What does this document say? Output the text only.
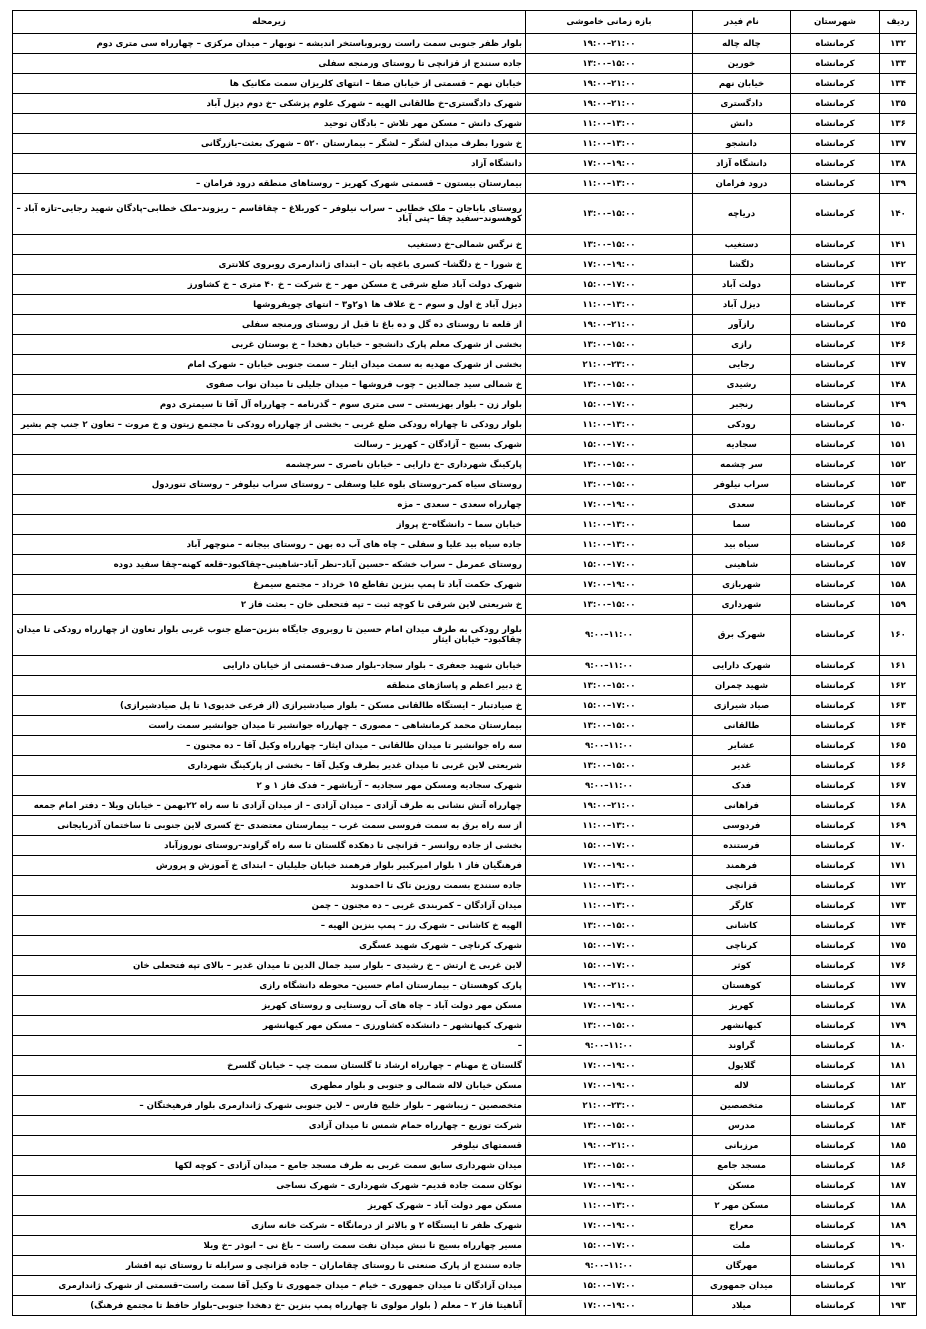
ردیف	شهرستان	نام فیدر	بازه زمانی خاموشی	زیرمحله
۱۳۲	کرمانشاه	چاله چاله	۱۹:۰۰–۲۱:۰۰	بلوار ظفر جنوبی سمت راست روبروباستخر اندیشه – نوبهار – میدان مرکزی – چهارراه سی متری دوم
۱۳۳	کرمانشاه	خورین	۱۳:۰۰–۱۵:۰۰	جاده سنندج از قزانچی تا روستای ورمنجه سفلی
۱۳۴	کرمانشاه	خیابان نهم	۱۹:۰۰–۲۱:۰۰	خیابان نهم – قسمتی از خیابان صفا – انتهای کلریزان سمت مکانیک ها
۱۳۵	کرمانشاه	دادگستری	۱۹:۰۰–۲۱:۰۰	شهرک دادگستری–خ طالقانی الهیه – شهرک علوم پزشکی –خ دوم دیزل آباد
۱۳۶	کرمانشاه	دانش	۱۱:۰۰–۱۳:۰۰	شهرک دانش – مسکن مهر تلاش – بادگان توحید
۱۳۷	کرمانشاه	دانشجو	۱۱:۰۰–۱۳:۰۰	خ شورا بطرف میدان لشگر – لشگر – بیمارستان ۵۲۰ – شهرک بعثت–بازرگانی
۱۳۸	کرمانشاه	دانشگاه آزاد	۱۷:۰۰–۱۹:۰۰	دانشگاه آزاد
۱۳۹	کرمانشاه	درود فرامان	۱۱:۰۰–۱۳:۰۰	بیمارستان بیستون – قسمتی شهرک کهریز – روستاهای منطقه درود فرامان –
۱۴۰	کرمانشاه	دریاچه	۱۳:۰۰–۱۵:۰۰	روستای باباجان – ملک خطابی – سراب نیلوفر – کوربلاغ – چقاقاسم – ریزوند–ملک خطابی–پادگان شهید رجایی–تازه آباد – کوهسوند–سفید چقا –پتی آباد
۱۴۱	کرمانشاه	دستغیب	۱۳:۰۰–۱۵:۰۰	خ نرگس شمالی–خ دستغیب
۱۴۲	کرمانشاه	دلگشا	۱۷:۰۰–۱۹:۰۰	خ شورا – خ دلگشا– کسری باغچه بان – ابتدای ژاندارمری روبروی کلانتری
۱۴۳	کرمانشاه	دولت آباد	۱۵:۰۰–۱۷:۰۰	شهرک دولت آباد ضلع شرقی خ مسکن مهر – خ شرکت – خ ۴۰ متری – خ کشاورز
۱۴۴	کرمانشاه	دیزل آباد	۱۱:۰۰–۱۳:۰۰	دیزل آباد خ اول و سوم – خ علاف ها ۱و۲و۳ – انتهای چویفروشها
۱۴۵	کرمانشاه	رازآور	۱۹:۰۰–۲۱:۰۰	از قلعه تا روستای ده گل و ده باغ تا قبل از روستای ورمنجه سفلی
۱۴۶	کرمانشاه	رازی	۱۳:۰۰–۱۵:۰۰	بخشی از شهرک معلم پارک دانشجو – خیابان دهخدا – خ بوستان غربی
۱۴۷	کرمانشاه	رجایی	۲۱:۰۰–۲۳:۰۰	بخشی از شهرک مهدیه به سمت میدان ایثار – سمت جنوبی خیابان – شهرک امام
۱۴۸	کرمانشاه	رشیدی	۱۳:۰۰–۱۵:۰۰	خ شمالی سید جمالدین – چوب فروشها – میدان جلیلی تا میدان نواب صفوی
۱۴۹	کرمانشاه	رنجبر	۱۵:۰۰–۱۷:۰۰	بلوار زن – بلوار بهزیستی – سی متری سوم – گذرنامه – چهارراه آل آقا تا سیمتری دوم
۱۵۰	کرمانشاه	رودکی	۱۱:۰۰–۱۳:۰۰	بلوار رودکی تا چهاراه رودکی ضلع غربی – بخشی از چهارراه رودکی تا مجتمع زیتون و خ مروت – تعاون ۲ جنب چم بشیر
۱۵۱	کرمانشاه	سجادیه	۱۵:۰۰–۱۷:۰۰	شهرک بسیج – آزادگان – کهریز – رسالت
۱۵۲	کرمانشاه	سر چشمه	۱۳:۰۰–۱۵:۰۰	پارکینگ شهرداری –خ دارایی – خیابان ناصری – سرچشمه
۱۵۳	کرمانشاه	سراب نیلوفر	۱۳:۰۰–۱۵:۰۰	روستای سیاه کمر–روستای بلوه علیا وسفلی – روستای سراب نیلوفر – روستای تنوردول
۱۵۴	کرمانشاه	سعدی	۱۷:۰۰–۱۹:۰۰	چهارراه سعدی – سعدی – مژه
۱۵۵	کرمانشاه	سما	۱۱:۰۰–۱۳:۰۰	خیابان سما – دانشگاه–خ پرواز
۱۵۶	کرمانشاه	سیاه بید	۱۱:۰۰–۱۳:۰۰	جاده سیاه بید علیا و سفلی – چاه های آب ده بهن – روستای بیجانه – منوچهر آباد
۱۵۷	کرمانشاه	شاهینی	۱۵:۰۰–۱۷:۰۰	روستای عمرمل – سراب خشکه –حسین آباد–نظر آباد–شاهینی–چقاکبود–قلعه کهنه–چقا سفید دوده
۱۵۸	کرمانشاه	شهربازی	۱۷:۰۰–۱۹:۰۰	شهرک حکمت آباد تا پمپ بنزین تقاطع ۱۵ خرداد – مجتمع سیمرغ
۱۵۹	کرمانشاه	شهرداری	۱۳:۰۰–۱۵:۰۰	خ شریعتی لاین شرقی تا کوچه ثبت – تپه فتحعلی خان – بعثت فاز ۲
۱۶۰	کرمانشاه	شهرک برق	۹:۰۰–۱۱:۰۰	بلوار رودکی به طرف میدان امام حسین تا روبروی جایگاه بنزین–ضلع جنوب غربی بلوار تعاون از چهارراه رودکی تا میدان چقاکبود– خیابان ایثار
۱۶۱	کرمانشاه	شهرک دارایی	۹:۰۰–۱۱:۰۰	خیابان شهید جعفری – بلوار سجاد–بلوار صدف–قسمتی از خیابان دارایی
۱۶۲	کرمانشاه	شهید چمران	۱۳:۰۰–۱۵:۰۰	خ دبیر اعظم و پاساژهای منطقه
۱۶۳	کرمانشاه	صیاد شیرازی	۱۵:۰۰–۱۷:۰۰	خ صیادتبار – ایستگاه طالقانی مسکن – بلوار صیادشیرازی (از فرعی خدیوی۱ تا پل صیادشیرازی)
۱۶۴	کرمانشاه	طالقانی	۱۳:۰۰–۱۵:۰۰	بیمارستان محمد کرمانشاهی – مصوری – چهارراه جوانشیر تا میدان جوانشیر سمت راست
۱۶۵	کرمانشاه	عشایر	۹:۰۰–۱۱:۰۰	سه راه جوانشیر تا میدان طالقانی – میدان ایثار– چهارراه وکیل آقا – ده مجنون –
۱۶۶	کرمانشاه	غدیر	۱۳:۰۰–۱۵:۰۰	شریعتی لاین غربی تا میدان غدیر بطرف وکیل آقا – بخشی از پارکینگ شهرداری
۱۶۷	کرمانشاه	فدک	۹:۰۰–۱۱:۰۰	شهرک سجادیه ومسکن مهر سجادیه – آریاشهر – فدک فاز ۱ و ۲
۱۶۸	کرمانشاه	فراهانی	۱۹:۰۰–۲۱:۰۰	چهارراه آتش نشانی به طرف آزادی – میدان آزادی – از میدان آزادی تا سه راه ۲۲بهمن – خیابان ویلا – دفتر امام جمعه
۱۶۹	کرمانشاه	فردوسی	۱۱:۰۰–۱۳:۰۰	از سه راه برق به سمت فروسی سمت غرب – بیمارستان معتضدی –خ کسری لاین جنوبی تا ساختمان آذربایجانی
۱۷۰	کرمانشاه	فرستنده	۱۵:۰۰–۱۷:۰۰	بخشی از جاده روانسر – قزانچی تا دهکده گلستان تا سه راه گراوند–روستای نوروزآباد
۱۷۱	کرمانشاه	فرهمند	۱۷:۰۰–۱۹:۰۰	فرهنگیان فاز ۱ بلوار امیرکبیر بلوار فرهمند خیابان جلیلیان – ابتدای خ آموزش و پرورش
۱۷۲	کرمانشاه	قزانچی	۱۱:۰۰–۱۳:۰۰	جاده سنندج بسمت روزین تاک تا احمدوند
۱۷۳	کرمانشاه	کارگر	۱۱:۰۰–۱۳:۰۰	میدان آزادگان – کمربندی غربی – ده مجنون – چمن
۱۷۴	کرمانشاه	کاشانی	۱۳:۰۰–۱۵:۰۰	الهیه خ کاشانی – شهرک رز – پمپ بنزین الهیه –
۱۷۵	کرمانشاه	کرناچی	۱۵:۰۰–۱۷:۰۰	شهرک کرناچی – شهرک شهید عسگری
۱۷۶	کرمانشاه	کوثر	۱۵:۰۰–۱۷:۰۰	لاین غربی خ ارتش – خ رشیدی – بلوار سید جمال الدین تا میدان غدیر – بالای تپه فتحعلی خان
۱۷۷	کرمانشاه	کوهستان	۱۹:۰۰–۲۱:۰۰	پارک کوهستان – بیمارستان امام حسین– محوطه دانشگاه رازی
۱۷۸	کرمانشاه	کهریز	۱۷:۰۰–۱۹:۰۰	مسکن مهر دولت آباد – چاه های آب روستایی و روستای کهریز
۱۷۹	کرمانشاه	کیهانشهر	۱۳:۰۰–۱۵:۰۰	شهرک کیهانشهر – دانشکده کشاورزی – مسکن مهر کیهانشهر
۱۸۰	کرمانشاه	گراوند	۹:۰۰–۱۱:۰۰	–
۱۸۱	کرمانشاه	گلایول	۱۷:۰۰–۱۹:۰۰	گلستان خ مهنام – چهارراه ارشاد تا گلستان سمت چپ – خیابان گلسرخ
۱۸۲	کرمانشاه	لاله	۱۷:۰۰–۱۹:۰۰	مسکن خیابان لاله شمالی و جنوبی و بلوار مطهری
۱۸۳	کرمانشاه	متخصصین	۲۱:۰۰–۲۳:۰۰	متخصصین – زیباشهر – بلوار خلیج فارس – لاین جنوبی شهرک ژاندارمری بلوار فرهیختگان –
۱۸۴	کرمانشاه	مدرس	۱۳:۰۰–۱۵:۰۰	شرکت توزیع – چهارراه حمام شمس تا میدان آزادی
۱۸۵	کرمانشاه	مرزبانی	۱۹:۰۰–۲۱:۰۰	قسمتهای نیلوفر
۱۸۶	کرمانشاه	مسجد جامع	۱۳:۰۰–۱۵:۰۰	میدان شهرداری سابق سمت غربی به طرف مسجد جامع – میدان آزادی – کوچه لکها
۱۸۷	کرمانشاه	مسکن	۱۷:۰۰–۱۹:۰۰	نوکان سمت جاده قدیم– شهرک شهرداری – شهرک نساجی
۱۸۸	کرمانشاه	مسکن مهر ۲	۱۱:۰۰–۱۳:۰۰	مسکن مهر دولت آباد – شهرک کهریز
۱۸۹	کرمانشاه	معراج	۱۷:۰۰–۱۹:۰۰	شهرک ظفر تا ایستگاه ۲ و بالاتر از درمانگاه – شرکت خانه سازی
۱۹۰	کرمانشاه	ملت	۱۵:۰۰–۱۷:۰۰	مسیر چهارراه بسیج تا نبش میدان نفت سمت راست – باغ نی – ابوذر –خ ویلا
۱۹۱	کرمانشاه	مهرگان	۹:۰۰–۱۱:۰۰	جاده سنندج از پارک صنعتی تا روستای چقاماران – جاده قزانچی و سرابله تا روستای تپه افشار
۱۹۲	کرمانشاه	میدان جمهوری	۱۵:۰۰–۱۷:۰۰	میدان آزادگان تا میدان جمهوری – خیام – میدان جمهوری تا وکیل آقا سمت راست–قسمتی از شهرک ژاندارمری
۱۹۳	کرمانشاه	میلاد	۱۷:۰۰–۱۹:۰۰	آناهیتا فاز ۲ – معلم ( بلوار مولوی تا چهارراه پمپ بنزین –خ دهخدا جنوبی–بلوار حافظ تا مجتمع فرهنگ)
